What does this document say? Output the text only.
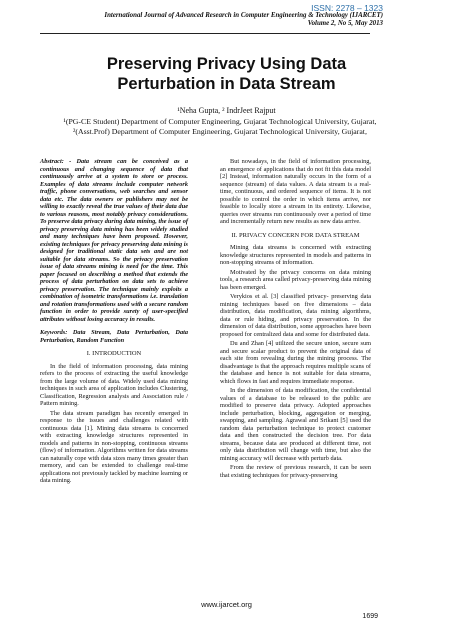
ISSN: 2278 – 1323
International Journal of Advanced Research in Computer Engineering & Technology (IJARCET)
Volume 2, No 5, May 2013
Preserving Privacy Using Data
Perturbation in Data Stream
¹Neha Gupta, ² IndrJeet Rajput
¹(PG-CE Student) Department of Computer Engineering, Gujarat Technological University, Gujarat,
²(Asst.Prof) Department of Computer Engineering, Gujarat Technological University, Gujarat,

Abstract: - Data stream can be conceived as a continuous and changing sequence of data that continuously arrive at a system to store or process. Examples of data streams include computer network traffic, phone conversations, web searches and sensor data etc. The data owners or publishers may not be willing to exactly reveal the true values of their data due to various reasons, most notably privacy considerations. To preserve data privacy during data mining, the issue of privacy preserving data mining has been widely studied and many techniques have been proposed. However, existing techniques for privacy preserving data mining is designed for traditional static data sets and are not suitable for data streams. So the privacy preservation issue of data streams mining is need for the time. This paper focused on describing a method that extends the process of data perturbation on data sets to achieve privacy preservation. The technique mainly exploits a combination of isometric transformations i.e. translation and rotation transformations used with a secure random function in order to provide surety of user-specified attributes without losing accuracy in results.

Keywords: Data Stream, Data Perturbation, Data Perturbation, Random Function

I. INTRODUCTION

In the field of information processing, data mining refers to the process of extracting the useful knowledge from the large volume of data. Widely used data mining techniques in such area of application includes Clustering, Classification, Regression analysis and Association rule / Pattern mining.

The data stream paradigm has recently emerged in response to the issues and challenges related with continuous data [1]. Mining data streams is concerned with extracting knowledge structures represented in models and patterns in non-stopping, continuous streams (flow) of information. Algorithms written for data streams can naturally cope with data sizes many times greater than memory, and can be extended to challenge real-time applications not previously tackled by machine learning or data mining.

But nowadays, in the field of information processing, an emergence of applications that do not fit this data model [2] Instead, information naturally occurs in the form of a sequence (stream) of data values. A data stream is a real-time, continuous, and ordered sequence of items. It is not possible to control the order in which items arrive, nor feasible to locally store a stream in its entirety. Likewise, queries over streams run continuously over a period of time and incrementally return new results as new data arrive.

II. PRIVACY CONCERN FOR DATA STREAM

Mining data streams is concerned with extracting knowledge structures represented in models and patterns in non-stopping streams of information.

Motivated by the privacy concerns on data mining tools, a research area called privacy-preserving data mining has been emerged.

Verykios et al. [3] classified privacy- preserving data mining techniques based on five dimensions – data distribution, data modification, data mining algorithms, data or rule hiding, and privacy preservation. In the dimension of data distribution, some approaches have been proposed for centralized data and some for distributed data.

Du and Zhan [4] utilized the secure union, secure sum and secure scalar product to prevent the original data of each site from revealing during the mining process. The disadvantage is that the approach requires multiple scans of the database and hence is not suitable for data streams, which flows in fast and requires immediate response.

In the dimension of data modification, the confidential values of a database to be released to the public are modified to preserve data privacy. Adopted approaches include perturbation, blocking, aggregation or merging, swapping, and sampling. Agrawal and Srikant [5] used the random data perturbation technique to protect customer data and then constructed the decision tree. For data streams, because data are produced at different time, not only data distribution will change with time, but also the mining accuracy will decrease with perturb data.

From the review of previous research, it can be seen that existing techniques for privacy-preserving

www.ijarcet.org
1699
